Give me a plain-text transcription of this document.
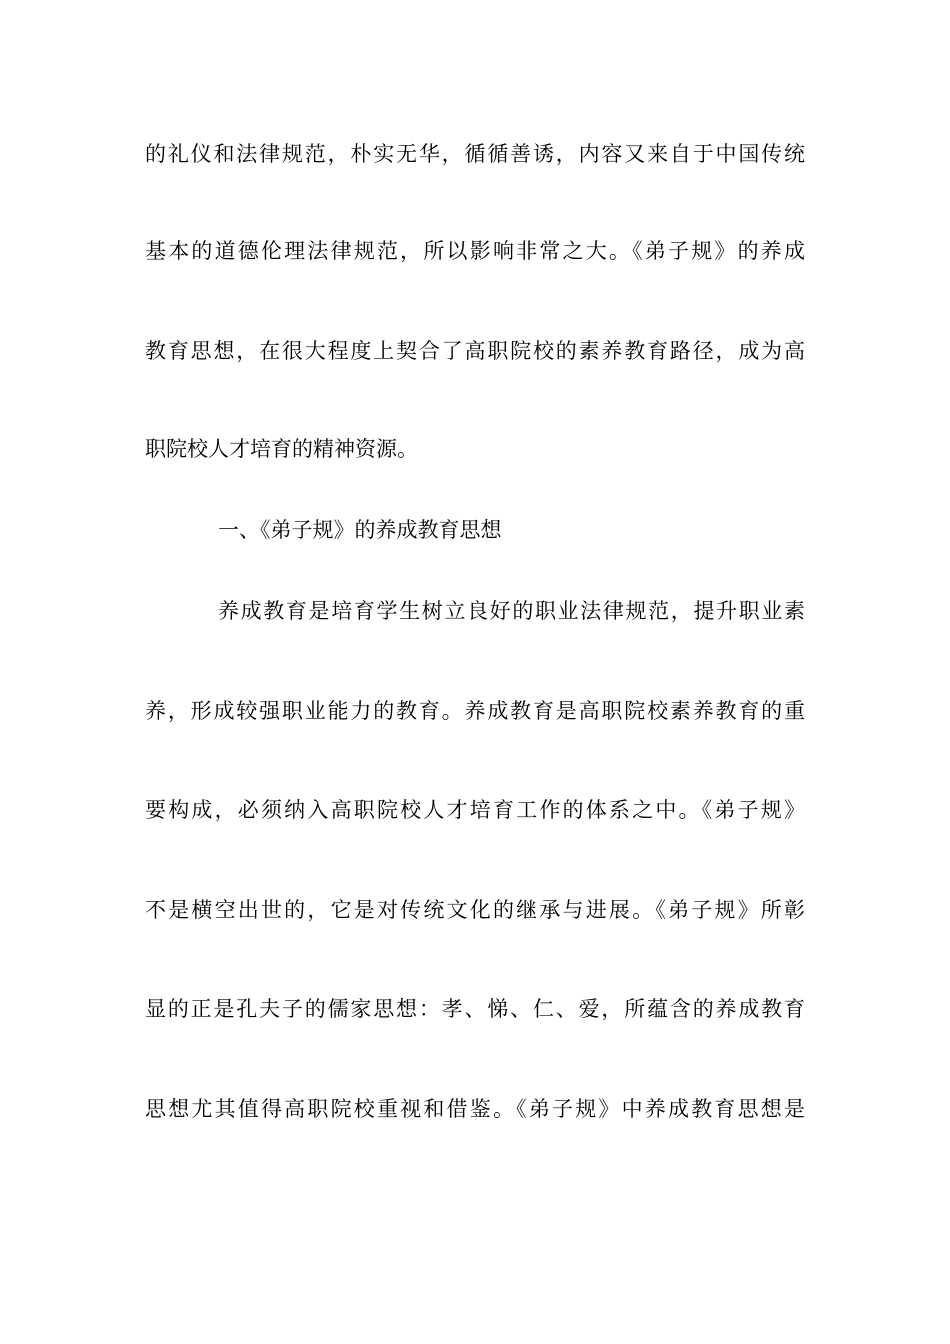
的礼仪和法律规范，朴实无华，循循善诱，内容又来自于中国传统
基本的道德伦理法律规范，所以影响非常之大。《弟子规》的养成
教育思想，在很大程度上契合了高职院校的素养教育路径，成为高
职院校人才培育的精神资源。
一、《弟子规》的养成教育思想
养成教育是培育学生树立良好的职业法律规范，提升职业素
养，形成较强职业能力的教育。养成教育是高职院校素养教育的重
要构成，必须纳入高职院校人才培育工作的体系之中。《弟子规》
不是横空出世的，它是对传统文化的继承与进展。《弟子规》所彰
显的正是孔夫子的儒家思想：孝、悌、仁、爱，所蕴含的养成教育
思想尤其值得高职院校重视和借鉴。《弟子规》中养成教育思想是
